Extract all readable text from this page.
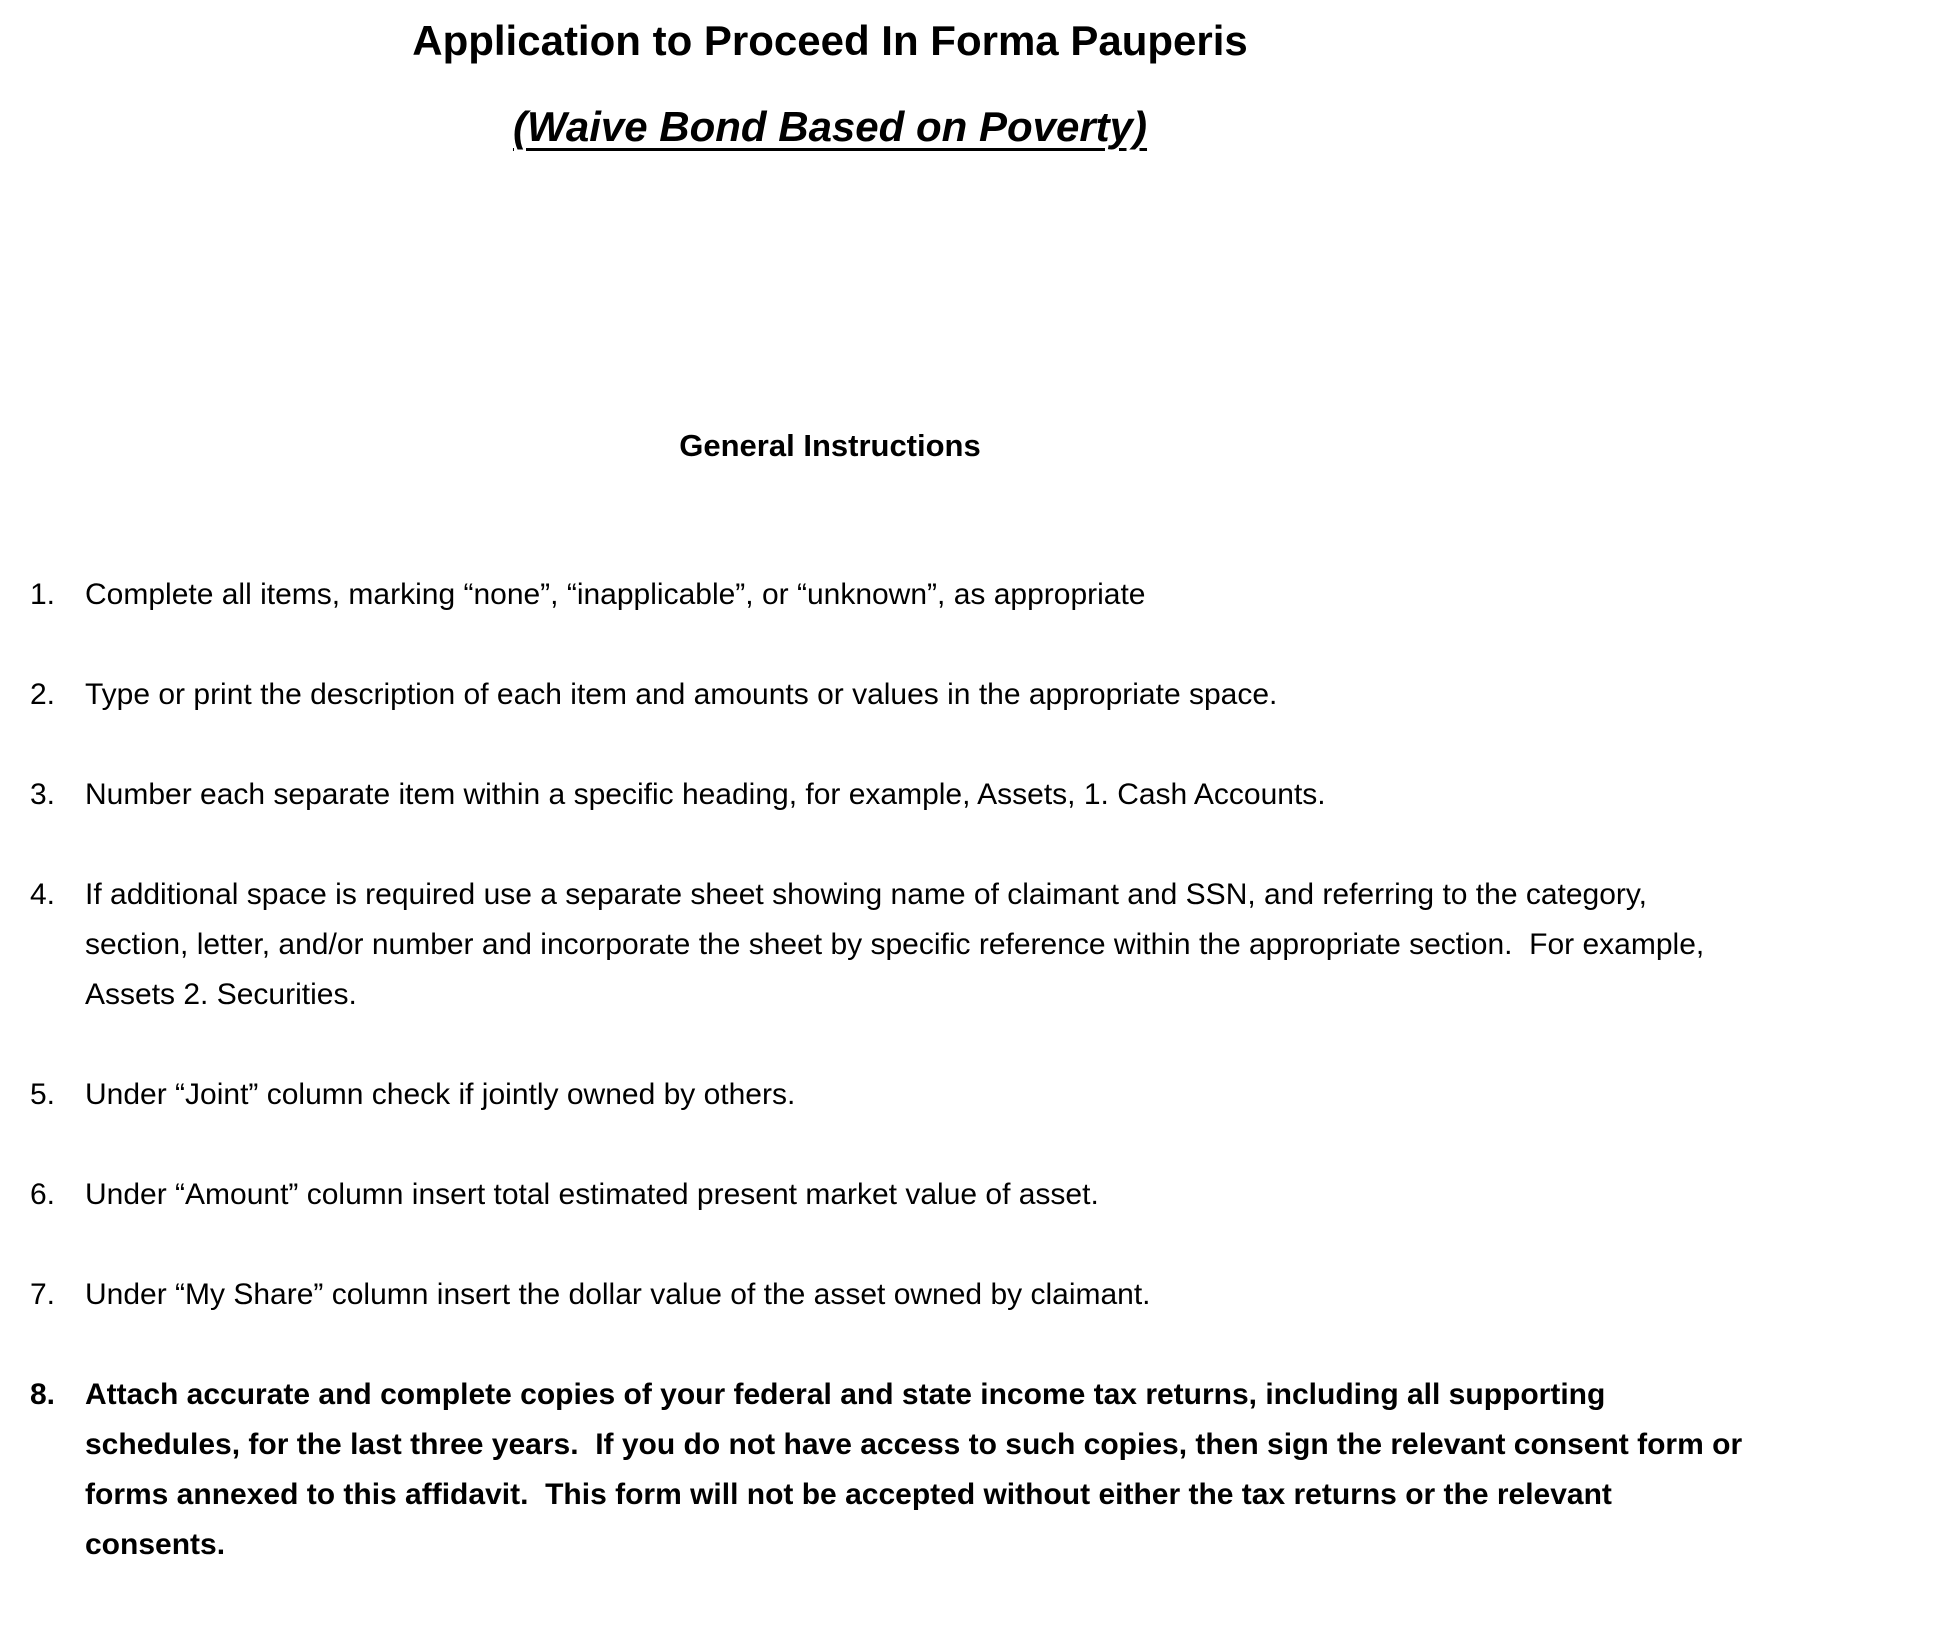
Application to Proceed In Forma Pauperis
(Waive Bond Based on Poverty)
General Instructions
1. Complete all items, marking “none”, “inapplicable”, or “unknown”, as appropriate
2. Type or print the description of each item and amounts or values in the appropriate space.
3. Number each separate item within a specific heading, for example, Assets, 1. Cash Accounts.
4. If additional space is required use a separate sheet showing name of claimant and SSN, and referring to the category,
section, letter, and/or number and incorporate the sheet by specific reference within the appropriate section.  For example,
Assets 2. Securities.
5. Under “Joint” column check if jointly owned by others.
6. Under “Amount” column insert total estimated present market value of asset.
7. Under “My Share” column insert the dollar value of the asset owned by claimant.
8. Attach accurate and complete copies of your federal and state income tax returns, including all supporting
schedules, for the last three years.  If you do not have access to such copies, then sign the relevant consent form or
forms annexed to this affidavit.  This form will not be accepted without either the tax returns or the relevant
consents.
